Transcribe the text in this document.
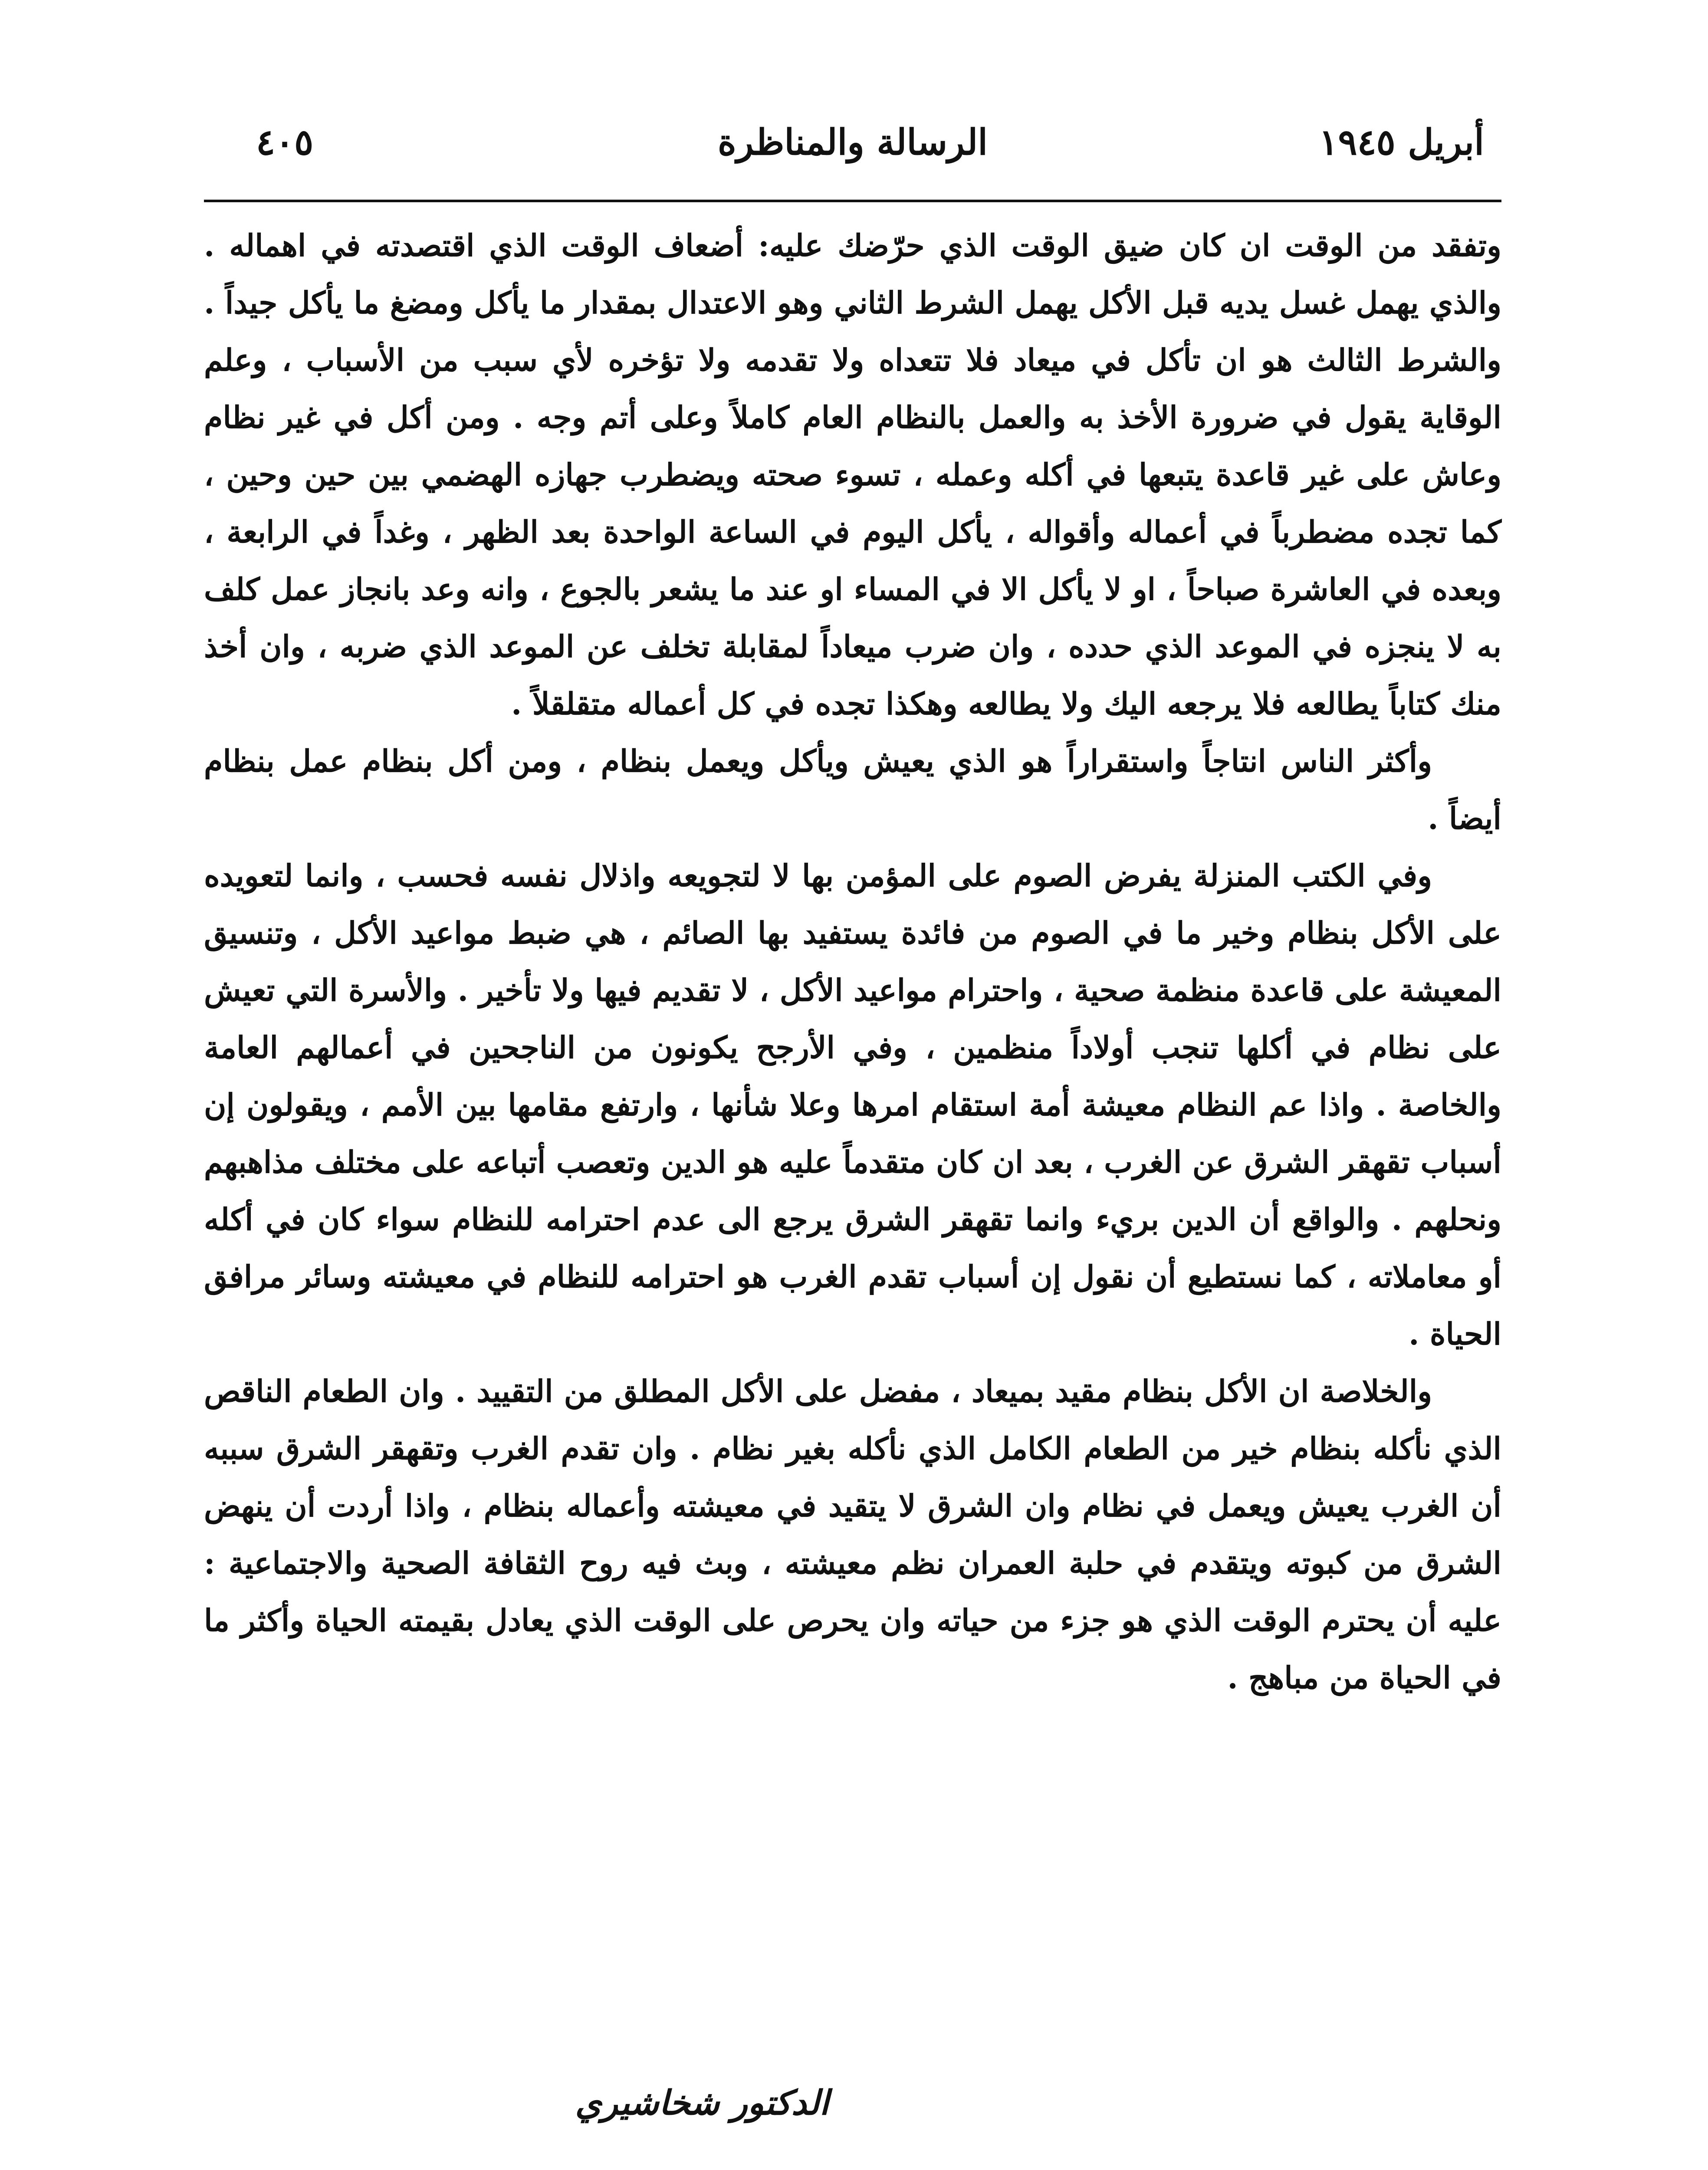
أبريل ١٩٤٥
الرسالة والمناظرة
٤٠٥

وتفقد من الوقت ان كان ضيق الوقت الذي حرّضك عليه: أضعاف الوقت الذي اقتصدته في اهماله . والذي يهمل غسل يديه قبل الأكل يهمل الشرط الثاني وهو الاعتدال بمقدار ما يأكل ومضغ ما يأكل جيداً . والشرط الثالث هو ان تأكل في ميعاد فلا تتعداه ولا تقدمه ولا تؤخره لأي سبب من الأسباب ، وعلم الوقاية يقول في ضرورة الأخذ به والعمل بالنظام العام كاملاً وعلى أتم وجه . ومن أكل في غير نظام وعاش على غير قاعدة يتبعها في أكله وعمله ، تسوء صحته ويضطرب جهازه الهضمي بين حين وحين ، كما تجده مضطرباً في أعماله وأقواله ، يأكل اليوم في الساعة الواحدة بعد الظهر ، وغداً في الرابعة ، وبعده في العاشرة صباحاً ، او لا يأكل الا في المساء او عند ما يشعر بالجوع ، وانه وعد بانجاز عمل كلف به لا ينجزه في الموعد الذي حدده ، وان ضرب ميعاداً لمقابلة تخلف عن الموعد الذي ضربه ، وان أخذ منك كتاباً يطالعه فلا يرجعه اليك ولا يطالعه وهكذا تجده في كل أعماله متقلقلاً .

وأكثر الناس انتاجاً واستقراراً هو الذي يعيش ويأكل ويعمل بنظام ، ومن أكل بنظام عمل بنظام أيضاً .

وفي الكتب المنزلة يفرض الصوم على المؤمن بها لا لتجويعه واذلال نفسه فحسب ، وانما لتعويده على الأكل بنظام وخير ما في الصوم من فائدة يستفيد بها الصائم ، هي ضبط مواعيد الأكل ، وتنسيق المعيشة على قاعدة منظمة صحية ، واحترام مواعيد الأكل ، لا تقديم فيها ولا تأخير . والأسرة التي تعيش على نظام في أكلها تنجب أولاداً منظمين ، وفي الأرجح يكونون من الناجحين في أعمالهم العامة والخاصة . واذا عم النظام معيشة أمة استقام امرها وعلا شأنها ، وارتفع مقامها بين الأمم ، ويقولون إن أسباب تقهقر الشرق عن الغرب ، بعد ان كان متقدماً عليه هو الدين وتعصب أتباعه على مختلف مذاهبهم ونحلهم . والواقع أن الدين بريء وانما تقهقر الشرق يرجع الى عدم احترامه للنظام سواء كان في أكله أو معاملاته ، كما نستطيع أن نقول إن أسباب تقدم الغرب هو احترامه للنظام في معيشته وسائر مرافق الحياة .

والخلاصة ان الأكل بنظام مقيد بميعاد ، مفضل على الأكل المطلق من التقييد . وان الطعام الناقص الذي نأكله بنظام خير من الطعام الكامل الذي نأكله بغير نظام . وان تقدم الغرب وتقهقر الشرق سببه أن الغرب يعيش ويعمل في نظام وان الشرق لا يتقيد في معيشته وأعماله بنظام ، واذا أردت أن ينهض الشرق من كبوته ويتقدم في حلبة العمران نظم معيشته ، وبث فيه روح الثقافة الصحية والاجتماعية : عليه أن يحترم الوقت الذي هو جزء من حياته وان يحرص على الوقت الذي يعادل بقيمته الحياة وأكثر ما في الحياة من مباهج .

الدكتور شخاشيري
